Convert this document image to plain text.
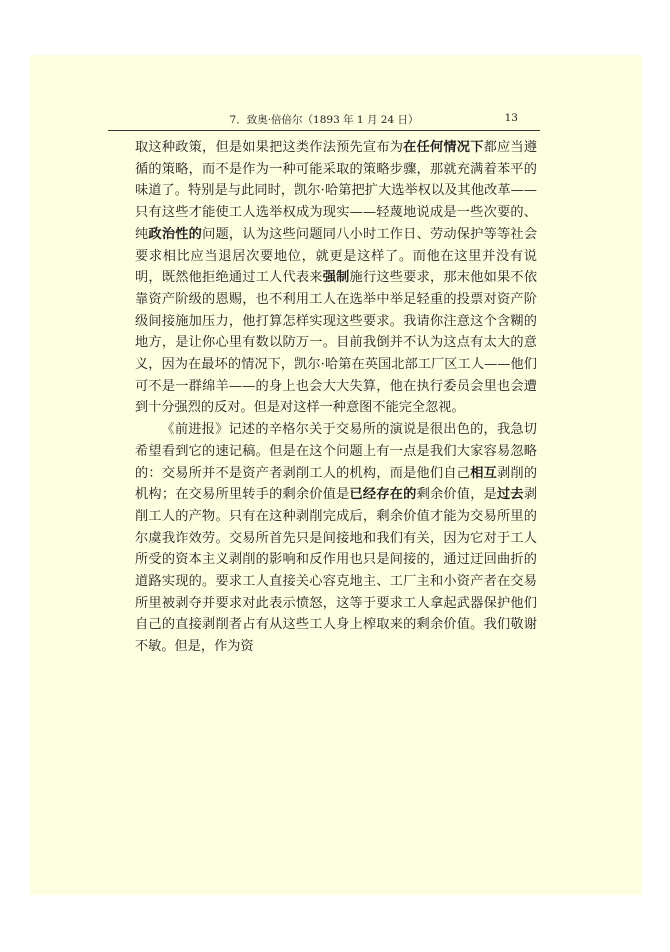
7．致奥·倍倍尔（1893 年 1 月 24 日）	13

取这种政策，但是如果把这类作法预先宣布为在任何情况下都应当遵循的策略，而不是作为一种可能采取的策略步骤，那就充满着苯平的味道了。特别是与此同时，凯尔·哈第把扩大选举权以及其他改革——只有这些才能使工人选举权成为现实——轻蔑地说成是一些次要的、纯政治性的问题，认为这些问题同八小时工作日、劳动保护等等社会要求相比应当退居次要地位，就更是这样了。而他在这里并没有说明，既然他拒绝通过工人代表来强制施行这些要求，那末他如果不依靠资产阶级的恩赐，也不利用工人在选举中举足轻重的投票对资产阶级间接施加压力，他打算怎样实现这些要求。我请你注意这个含糊的地方，是让你心里有数以防万一。目前我倒并不认为这点有太大的意义，因为在最坏的情况下，凯尔·哈第在英国北部工厂区工人——他们可不是一群绵羊——的身上也会大大失算，他在执行委员会里也会遭到十分强烈的反对。但是对这样一种意图不能完全忽视。

《前进报》记述的辛格尔关于交易所的演说是很出色的，我急切希望看到它的速记稿。但是在这个问题上有一点是我们大家容易忽略的：交易所并不是资产者剥削工人的机构，而是他们自己相互剥削的机构；在交易所里转手的剩余价值是已经存在的剩余价值，是过去剥削工人的产物。只有在这种剥削完成后，剩余价值才能为交易所里的尔虞我诈效劳。交易所首先只是间接地和我们有关，因为它对于工人所受的资本主义剥削的影响和反作用也只是间接的，通过迂回曲折的道路实现的。要求工人直接关心容克地主、工厂主和小资产者在交易所里被剥夺并要求对此表示愤怒，这等于要求工人拿起武器保护他们自己的直接剥削者占有从这些工人身上榨取来的剩余价值。我们敬谢不敏。但是，作为资
